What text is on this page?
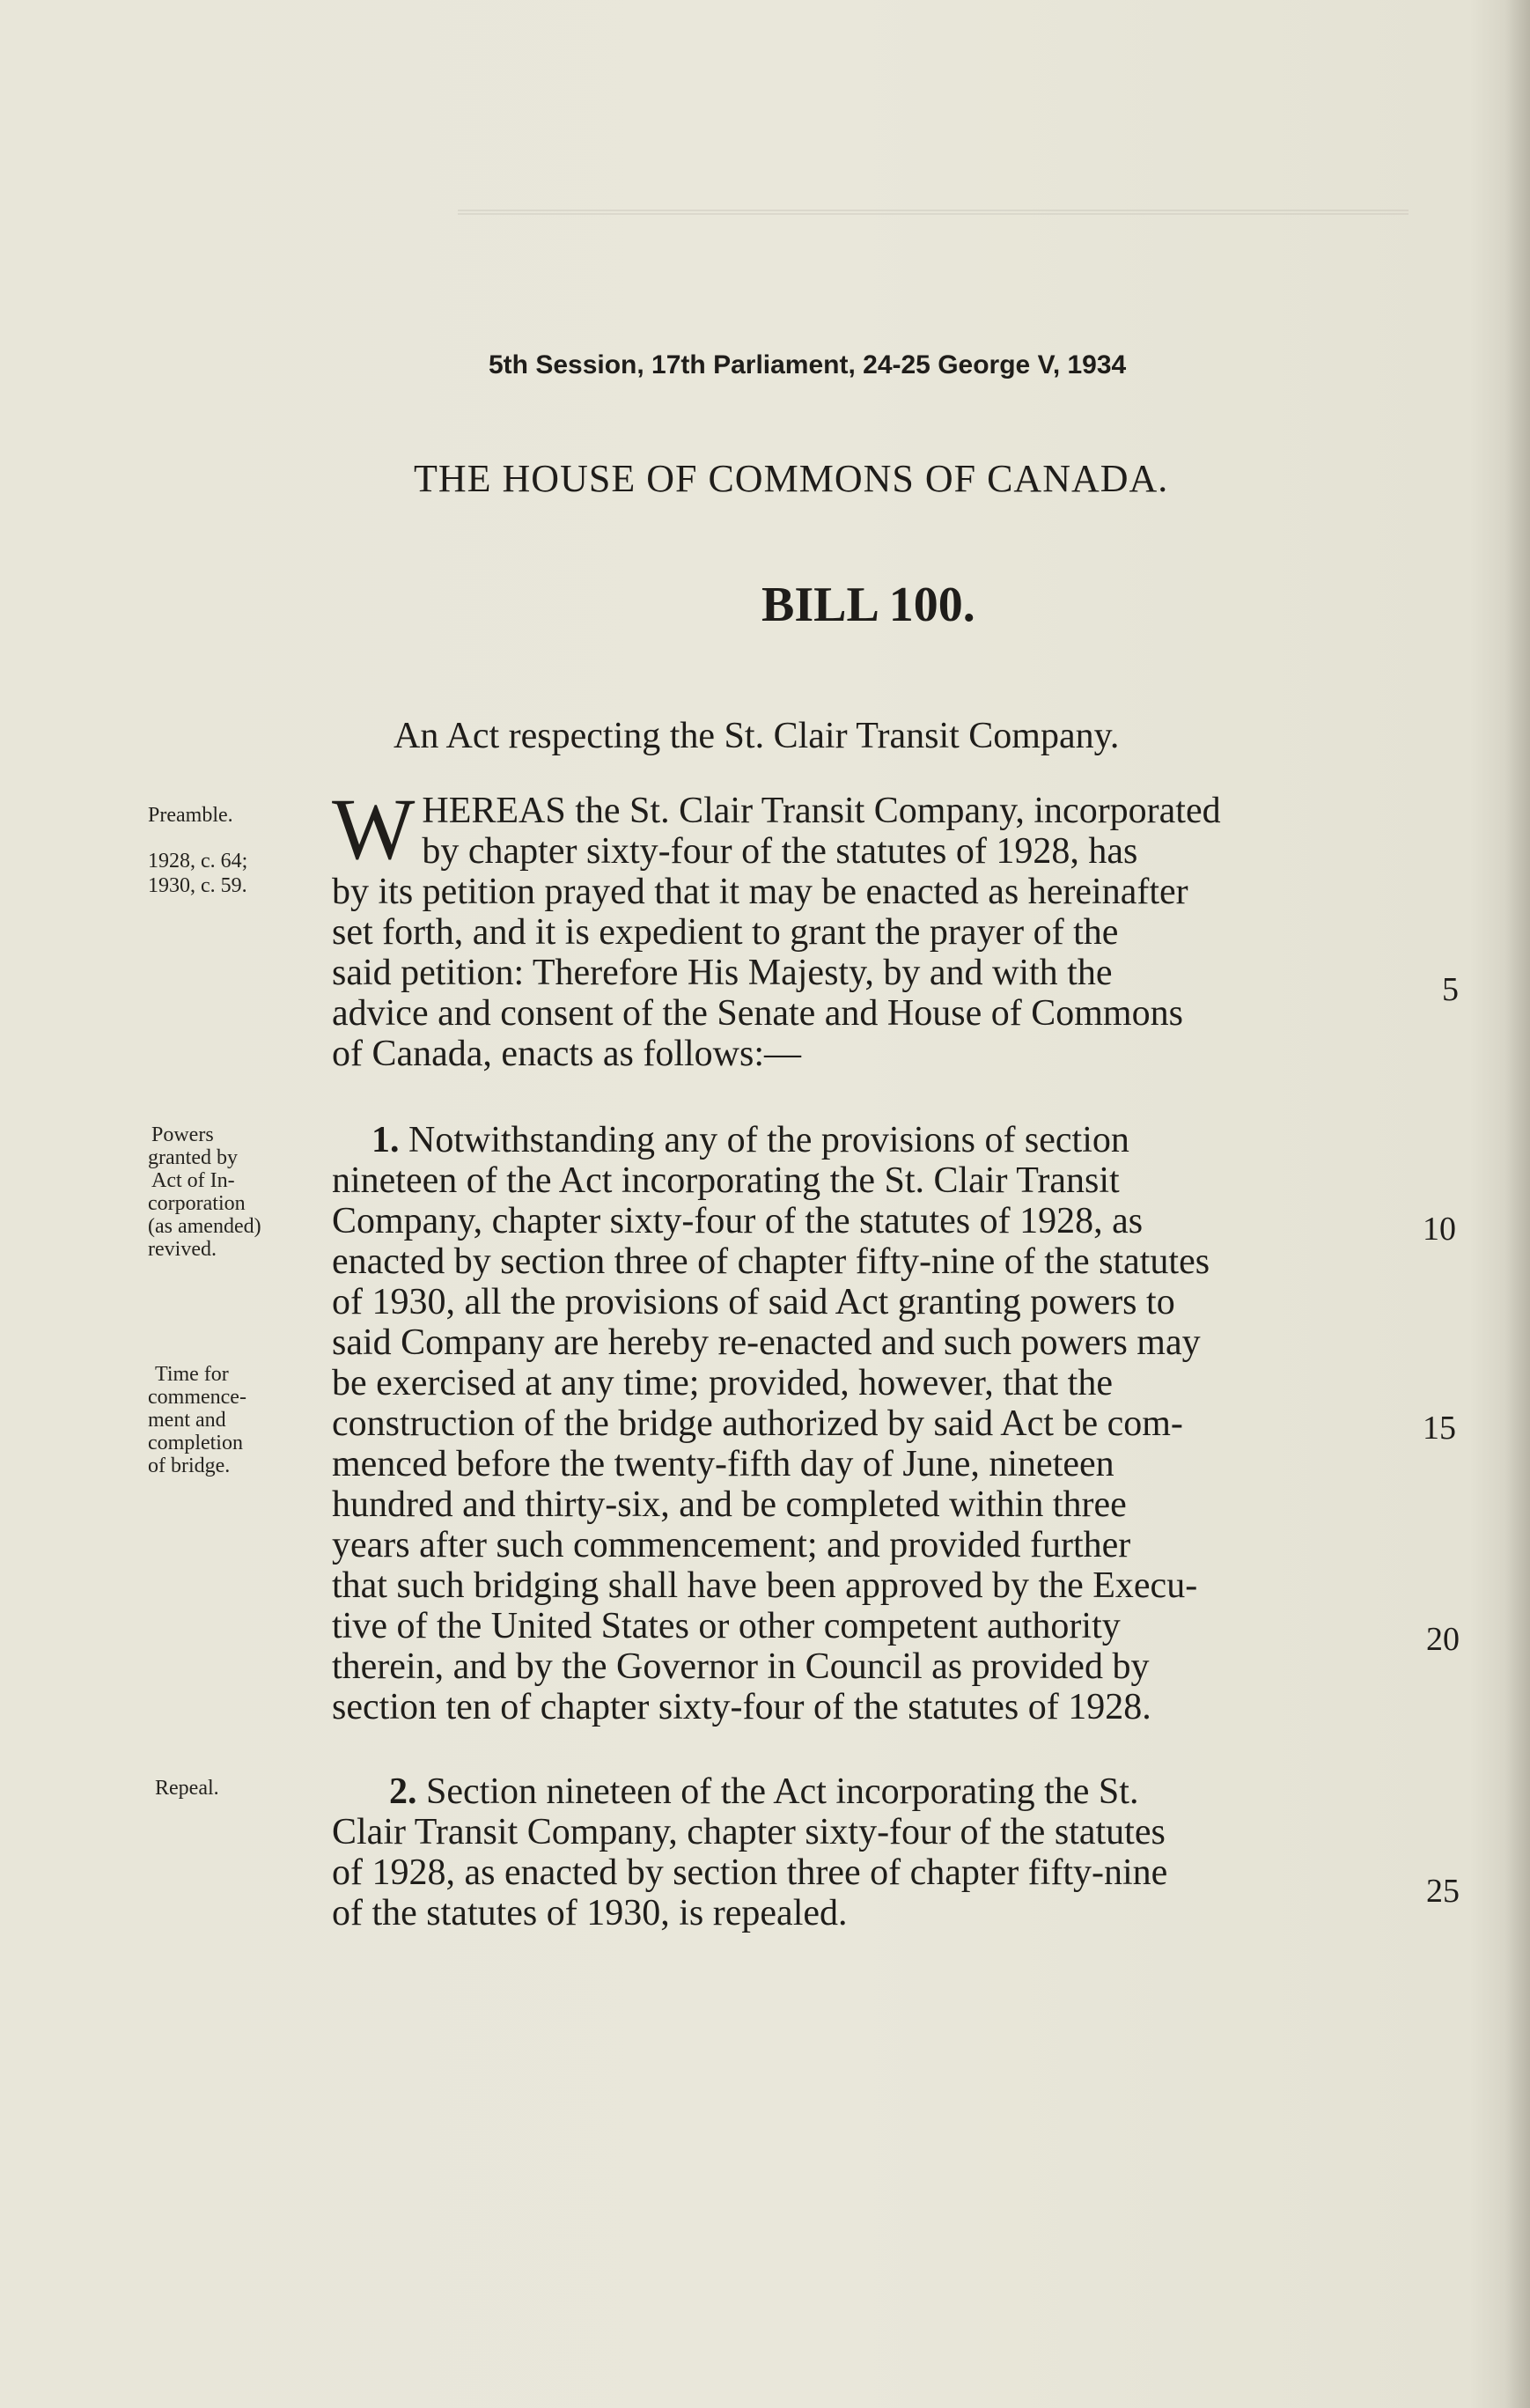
5th Session, 17th Parliament, 24-25 George V, 1934
THE HOUSE OF COMMONS OF CANADA.
BILL 100.
An Act respecting the St. Clair Transit Company.
Preamble.
1928, c. 64;
1930, c. 59.
Powers
granted by
Act of In-
corporation
(as amended)
revived.
Time for
commence-
ment and
completion
of bridge.
Repeal.
W HEREAS the St. Clair Transit Company, incorporated
by chapter sixty-four of the statutes of 1928, has
by its petition prayed that it may be enacted as hereinafter
set forth, and it is expedient to grant the prayer of the
said petition: Therefore His Majesty, by and with the
advice and consent of the Senate and House of Commons
of Canada, enacts as follows:—
1. Notwithstanding any of the provisions of section
nineteen of the Act incorporating the St. Clair Transit
Company, chapter sixty-four of the statutes of 1928, as
enacted by section three of chapter fifty-nine of the statutes
of 1930, all the provisions of said Act granting powers to
said Company are hereby re-enacted and such powers may
be exercised at any time; provided, however, that the
construction of the bridge authorized by said Act be com-
menced before the twenty-fifth day of June, nineteen
hundred and thirty-six, and be completed within three
years after such commencement; and provided further
that such bridging shall have been approved by the Execu-
tive of the United States or other competent authority
therein, and by the Governor in Council as provided by
section ten of chapter sixty-four of the statutes of 1928.
2. Section nineteen of the Act incorporating the St.
Clair Transit Company, chapter sixty-four of the statutes
of 1928, as enacted by section three of chapter fifty-nine
of the statutes of 1930, is repealed.
5
10
15
20
25
